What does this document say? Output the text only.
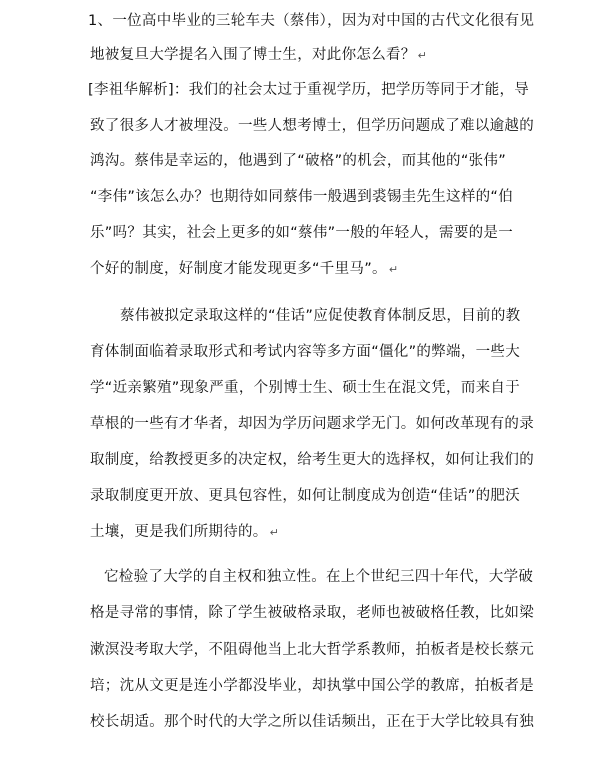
1、一位高中毕业的三轮车夫（蔡伟），因为对中国的古代文化很有见
地被复旦大学提名入围了博士生，对此你怎么看？ ↵
[李祖华解析]：我们的社会太过于重视学历，把学历等同于才能，导
致了很多人才被埋没。一些人想考博士，但学历问题成了难以逾越的
鸿沟。蔡伟是幸运的，他遇到了“破格”的机会，而其他的“张伟”
“李伟”该怎么办？也期待如同蔡伟一般遇到裘锡圭先生这样的“伯
乐”吗？其实，社会上更多的如“蔡伟”一般的年轻人，需要的是一
个好的制度，好制度才能发现更多“千里马”。 ↵
蔡伟被拟定录取这样的“佳话”应促使教育体制反思，目前的教
育体制面临着录取形式和考试内容等多方面“僵化”的弊端，一些大
学“近亲繁殖”现象严重，个别博士生、硕士生在混文凭，而来自于
草根的一些有才华者，却因为学历问题求学无门。如何改革现有的录
取制度，给教授更多的决定权，给考生更大的选择权，如何让我们的
录取制度更开放、更具包容性，如何让制度成为创造“佳话”的肥沃
土壤，更是我们所期待的。 ↵
它检验了大学的自主权和独立性。在上个世纪三四十年代，大学破
格是寻常的事情，除了学生被破格录取，老师也被破格任教，比如梁
漱溟没考取大学，不阻碍他当上北大哲学系教师，拍板者是校长蔡元
培；沈从文更是连小学都没毕业，却执掌中国公学的教席，拍板者是
校长胡适。那个时代的大学之所以佳话频出，正在于大学比较具有独
